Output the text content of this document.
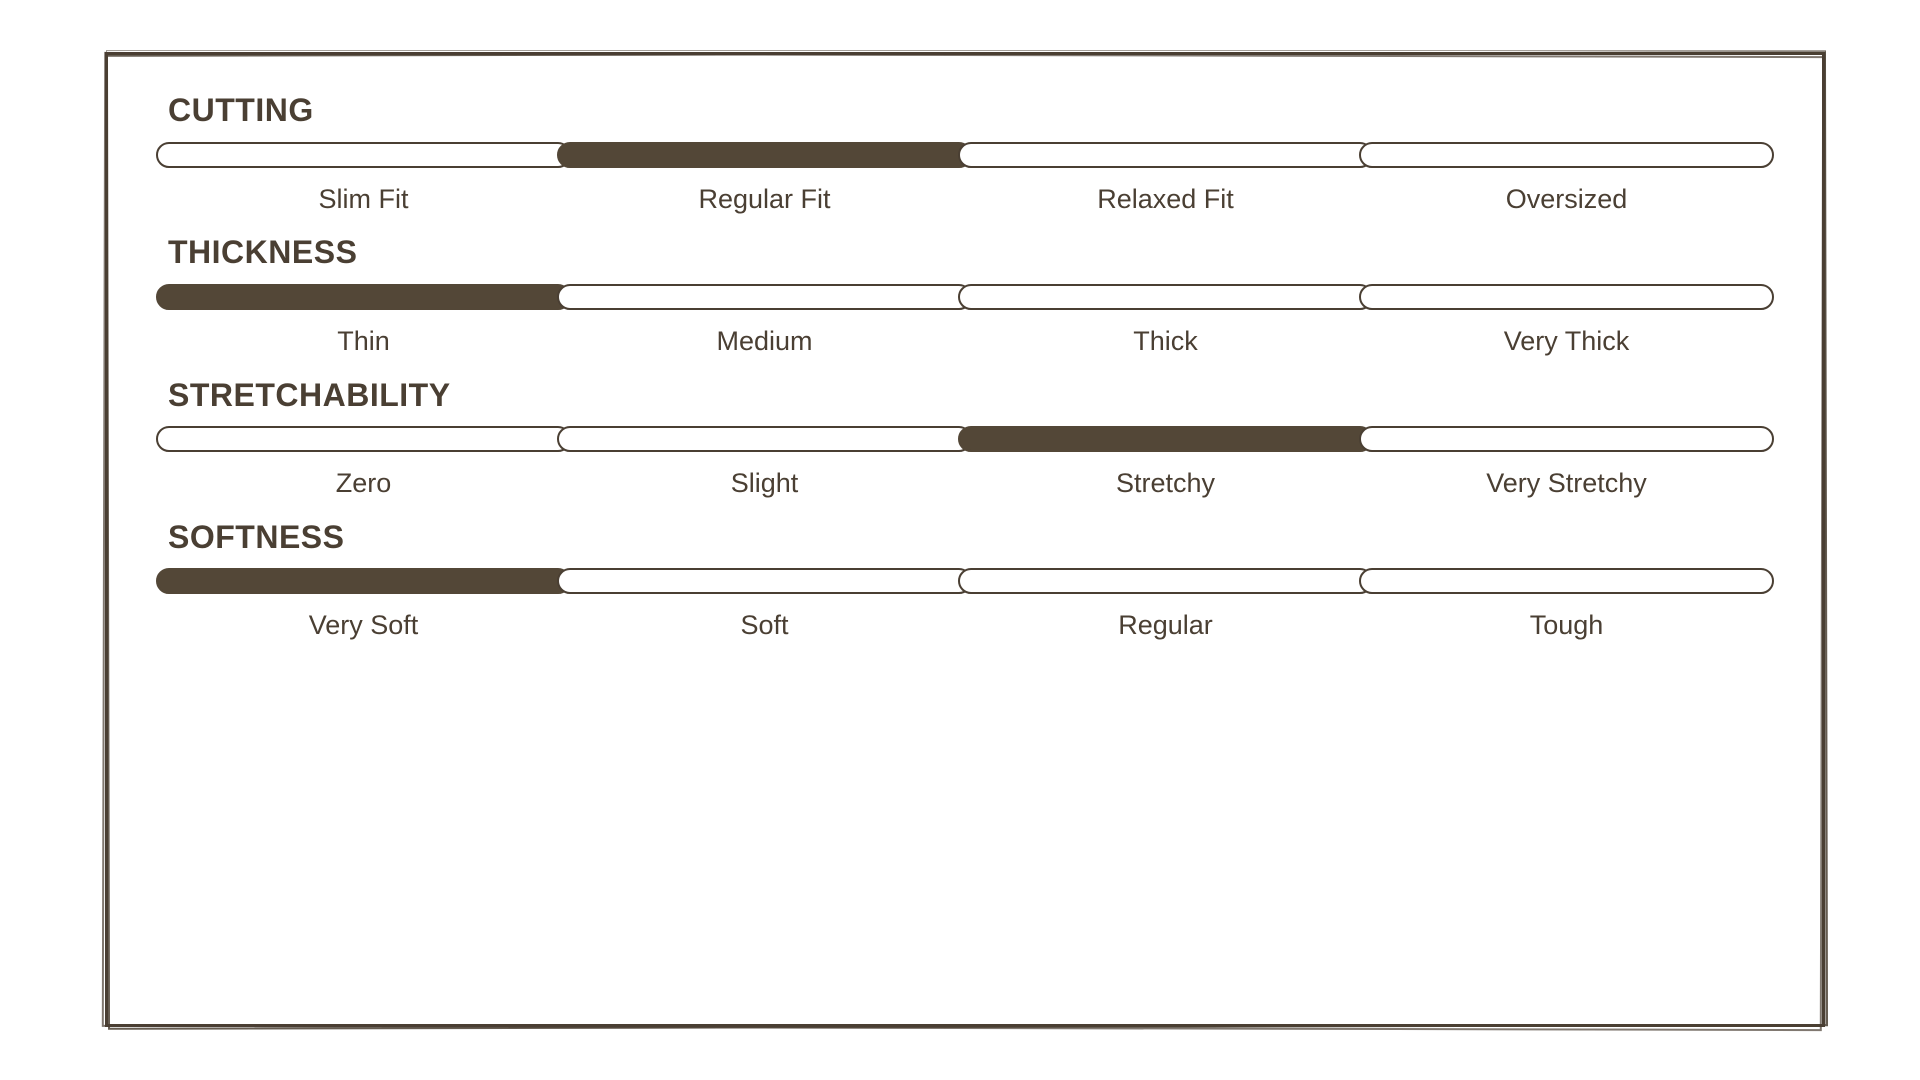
CUTTING
Slim Fit	Regular Fit	Relaxed Fit	Oversized
THICKNESS
Thin	Medium	Thick	Very Thick
STRETCHABILITY
Zero	Slight	Stretchy	Very Stretchy
SOFTNESS
Very Soft	Soft	Regular	Tough
